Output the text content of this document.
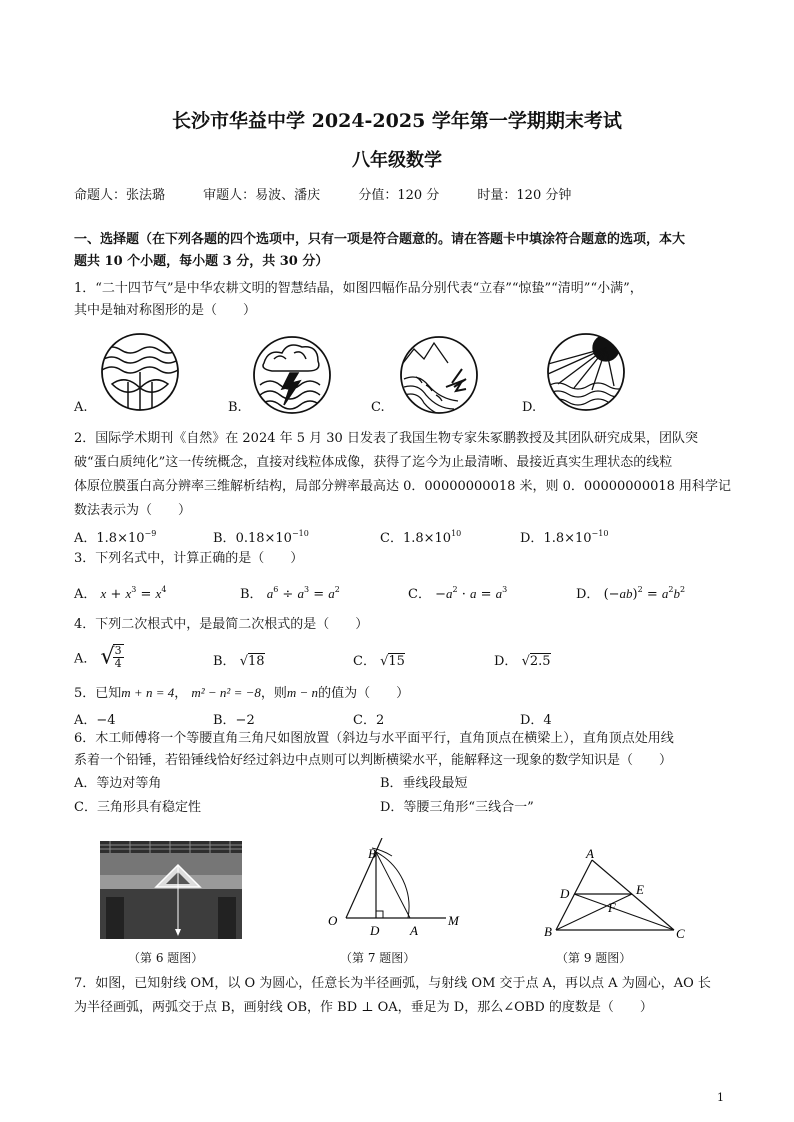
长沙市华益中学 2024-2025 学年第一学期期末考试
八年级数学
命题人：张法璐	审题人：易波、潘庆	分值：120 分	时量：120 分钟
一、选择题（在下列各题的四个选项中，只有一项是符合题意的。请在答题卡中填涂符合题意的选项，本大
题共 10 个小题，每小题 3 分，共 30 分）
1．“二十四节气”是中华农耕文明的智慧结晶，如图四幅作品分别代表“立春”“惊蛰”“清明”“小满”，
其中是轴对称图形的是（　　）
A.	B.	C.	D.
2．国际学术期刊《自然》在 2024 年 5 月 30 日发表了我国生物专家朱冢鹏教授及其团队研究成果，团队突
破“蛋白质纯化”这一传统概念，直接对线粒体成像，获得了迄今为止最清晰、最接近真实生理状态的线粒
体原位膜蛋白高分辨率三维解析结构，局部分辨率最高达 0．00000000018 米，则 0．00000000018 用科学记
数法表示为（　　）
A．$1.8\times 10^{-9}$	B．$0.18\times 10^{-10}$	C．$1.8\times 10^{10}$	D．$1.8\times 10^{-10}$
3．下列名式中，计算正确的是（　　）
A． $x + x^3 = x^4$	B． $a^6 \div a^3 = a^2$	C． $-a^2 \cdot a = a^3$	D． $(-ab)^2 = a^2b^2$
4．下列二次根式中，是最简二次根式的是（　　）
A． √
$\frac{3}{4}$	B． √18	C． √15	D． √2.5
5．已知m + n = 4， m² − n² = −8，则m − n的值为（　　）
A．−4	B．−2	C．2	D．4
6．木工师傅将一个等腰直角三角尺如图放置（斜边与水平面平行，直角顶点在横梁上），直角顶点处用线
系着一个铅锤，若铅锤线恰好经过斜边中点则可以判断横梁水平，能解释这一现象的数学知识是（　　）
A．等边对等角	B．垂线段最短
C．三角形具有稳定性	D．等腰三角形“三线合一”
（第 6 题图）
B
O
D A
M
（第 7 题图）
A
D	E
F
B	C
（第 9 题图）
7．如图，已知射线 OM，以 O 为圆心，任意长为半径画弧，与射线 OM 交于点 A，再以点 A 为圆心，AO 长
为半径画弧，两弧交于点 B，画射线 OB，作 BD ⊥ OA，垂足为 D，那么∠OBD 的度数是（　　）
1
